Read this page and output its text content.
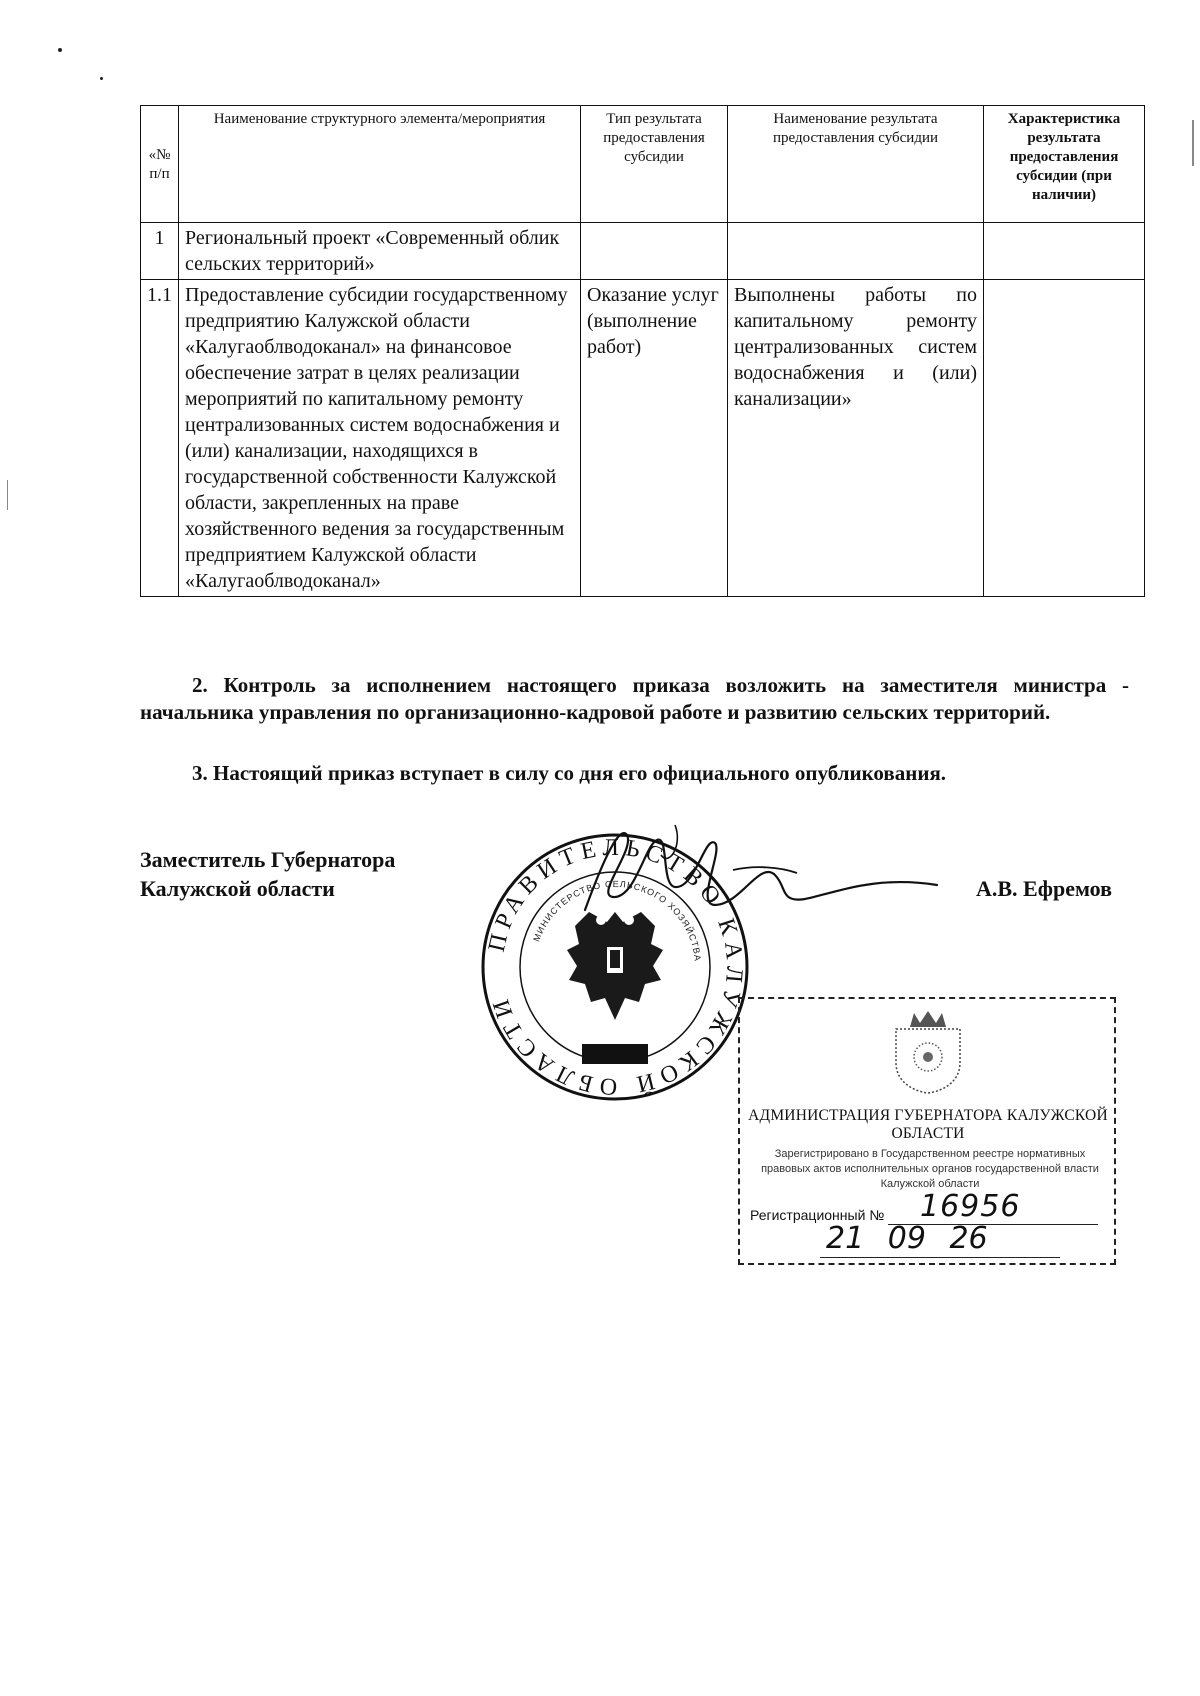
«№ п/п	Наименование структурного элемента/мероприятия	Тип результата предоставления субсидии	Наименование результата предоставления субсидии	Характеристика результата предоставления субсидии (при наличии)
1	Региональный проект «Современный облик сельских территорий»			
1.1	Предоставление субсидии государственному предприятию Калужской области «Калугаоблводоканал» на финансовое обеспечение затрат в целях реализации мероприятий по капитальному ремонту централизованных систем водоснабжения и (или) канализации, находящихся в государственной собственности Калужской области, закрепленных на праве хозяйственного ведения за государственным предприятием Калужской области «Калугаоблводоканал»	Оказание услуг (выполнение работ)	Выполнены работы по капитальному ремонту централизованных систем водоснабжения и (или) канализации»	
2. Контроль за исполнением настоящего приказа возложить на заместителя министра - начальника управления по организационно-кадровой работе и развитию сельских территорий.
3. Настоящий приказ вступает в силу со дня его официального опубликования.
Заместитель Губернатора
Калужской области	А.В. Ефремов
ПРАВИТЕЛЬСТВО КАЛУЖСКОЙ ОБЛАСТИ
МИНИСТЕРСТВО СЕЛЬСКОГО ХОЗЯЙСТВА
АДМИНИСТРАЦИЯ ГУБЕРНАТОРА КАЛУЖСКОЙ ОБЛАСТИ
Зарегистрировано в Государственном реестре нормативных
правовых актов исполнительных органов государственной власти
Калужской области
Регистрационный № 16956
21 09 26
